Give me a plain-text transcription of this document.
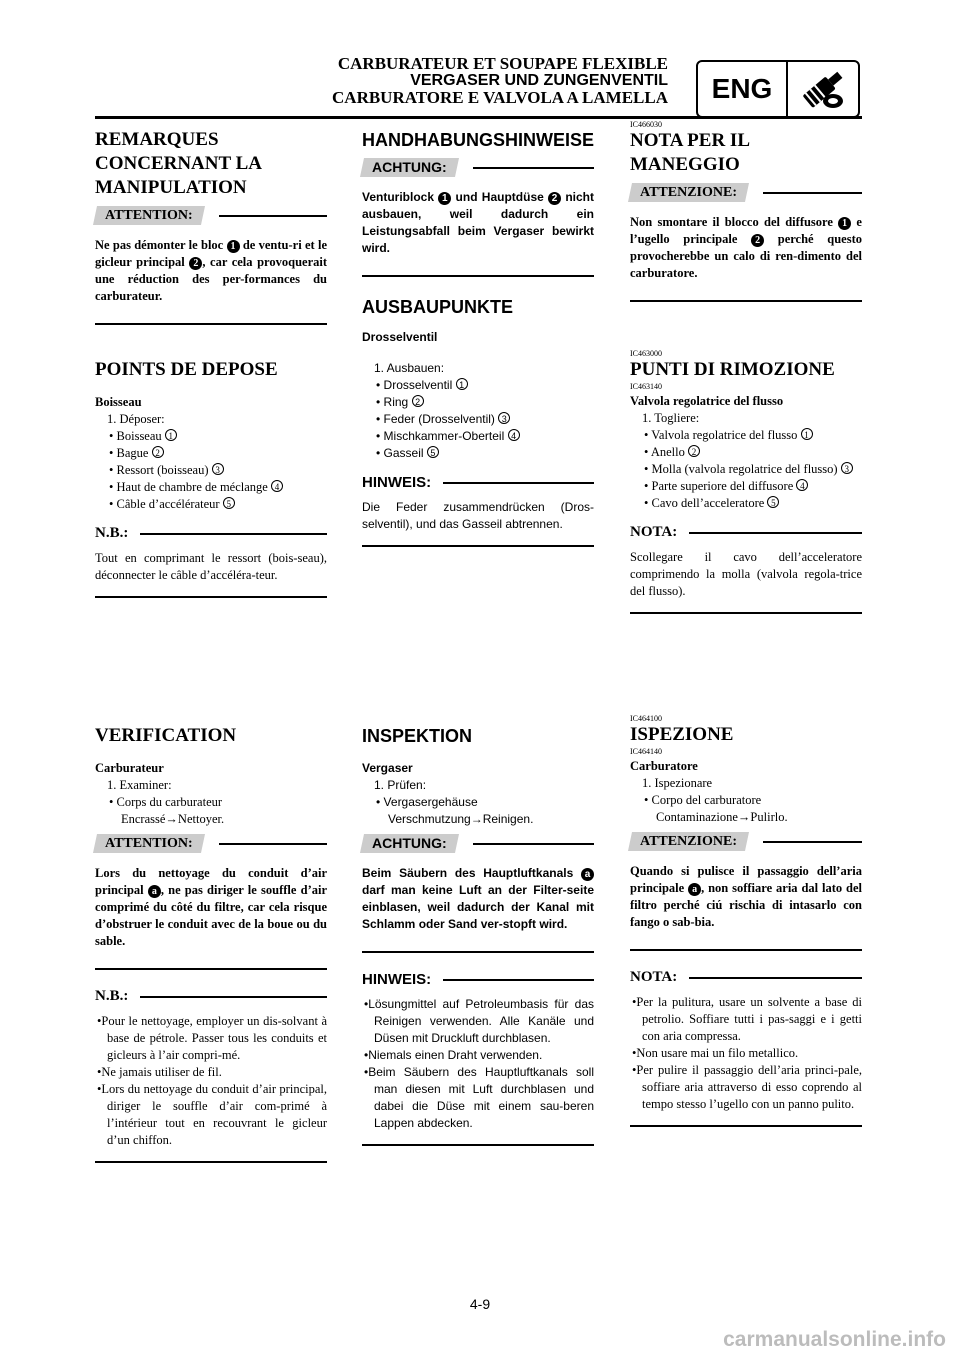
CARBURATEUR ET SOUPAPE FLEXIBLE
VERGASER UND ZUNGENVENTIL
CARBURATORE E VALVOLA A LAMELLA	ENG
REMARQUES CONCERNANT LA MANIPULATION
ATTENTION:
Ne pas démonter le bloc 1 de ventu-ri et le gicleur principal 2 , car cela provoquerait une réduction des per-formances du carburateur.
POINTS DE DEPOSE
Boisseau
1. Déposer:
• Boisseau 1
• Bague 2
• Ressort (boisseau) 3
• Haut de chambre de méclange 4
• Câble d’accélérateur 5
N.B.:
Tout en comprimant le ressort (bois-seau), déconnecter le câble d’accéléra-teur.
VERIFICATION
Carburateur
1. Examiner:
• Corps du carburateur
Encrassé→Nettoyer.
ATTENTION:
Lors du nettoyage du conduit d’air principal a , ne pas diriger le souffle d’air comprimé du côté du filtre, car cela risque d’obstruer le conduit avec de la boue ou du sable.
N.B.:
•Pour le nettoyage, employer un dis-solvant à base de pétrole. Passer tous les conduits et gicleurs à l’air compri-mé.
•Ne jamais utiliser de fil.
•Lors du nettoyage du conduit d’air principal, diriger le souffle d’air com-primé à l’intérieur tout en recouvrant le gicleur d’un chiffon.
HANDHABUNGSHINWEISE
ACHTUNG:
Venturiblock 1 und Hauptdüse 2 nicht ausbauen, weil dadurch ein Leistungsabfall beim Vergaser bewirkt wird.
AUSBAUPUNKTE
Drosselventil
1. Ausbauen:
• Drosselventil 1
• Ring 2
• Feder (Drosselventil) 3
• Mischkammer-Oberteil 4
• Gasseil 5
HINWEIS:
Die Feder zusammendrücken (Dros-selventil), und das Gasseil abtrennen.
INSPEKTION
Vergaser
1. Prüfen:
• Vergasergehäuse
Verschmutzung→Reinigen.
ACHTUNG:
Beim Säubern des Hauptluftkanals a darf man keine Luft an der Filter-seite einblasen, weil dadurch der Kanal mit Schlamm oder Sand ver-stopft wird.
HINWEIS:
•Lösungmittel auf Petroleumbasis für das Reinigen verwenden. Alle Kanäle und Düsen mit Druckluft durchblasen.
•Niemals einen Draht verwenden.
•Beim Säubern des Hauptluftkanals soll man diesen mit Luft durchblasen und dabei die Düse mit einem sau-beren Lappen abdecken.
IC466030
NOTA PER IL MANEGGIO
ATTENZIONE:
Non smontare il blocco del diffusore 1 e l’ugello principale 2 perché questo provocherebbe un calo di ren-dimento del carburatore.
IC463000
PUNTI DI RIMOZIONE
IC463140
Valvola regolatrice del flusso
1. Togliere:
• Valvola regolatrice del flusso 1
• Anello 2
• Molla (valvola regolatrice del flusso) 3
• Parte superiore del diffusore 4
• Cavo dell’acceleratore 5
NOTA:
Scollegare il cavo dell’acceleratore comprimendo la molla (valvola regola-trice del flusso).
IC464100
ISPEZIONE
IC464140
Carburatore
1. Ispezionare
• Corpo del carburatore
Contaminazione→Pulirlo.
ATTENZIONE:
Quando si pulisce il passaggio dell’aria principale a , non soffiare aria dal lato del filtro perché ciú rischia di intasarlo con fango o sab-bia.
NOTA:
•Per la pulitura, usare un solvente a base di petrolio. Soffiare tutti i pas-saggi e i getti con aria compressa.
•Non usare mai un filo metallico.
•Per pulire il passaggio dell’aria princi-pale, soffiare aria attraverso di esso coprendo al tempo stesso l’ugello con un panno pulito.
4-9
carmanualsonline.info
